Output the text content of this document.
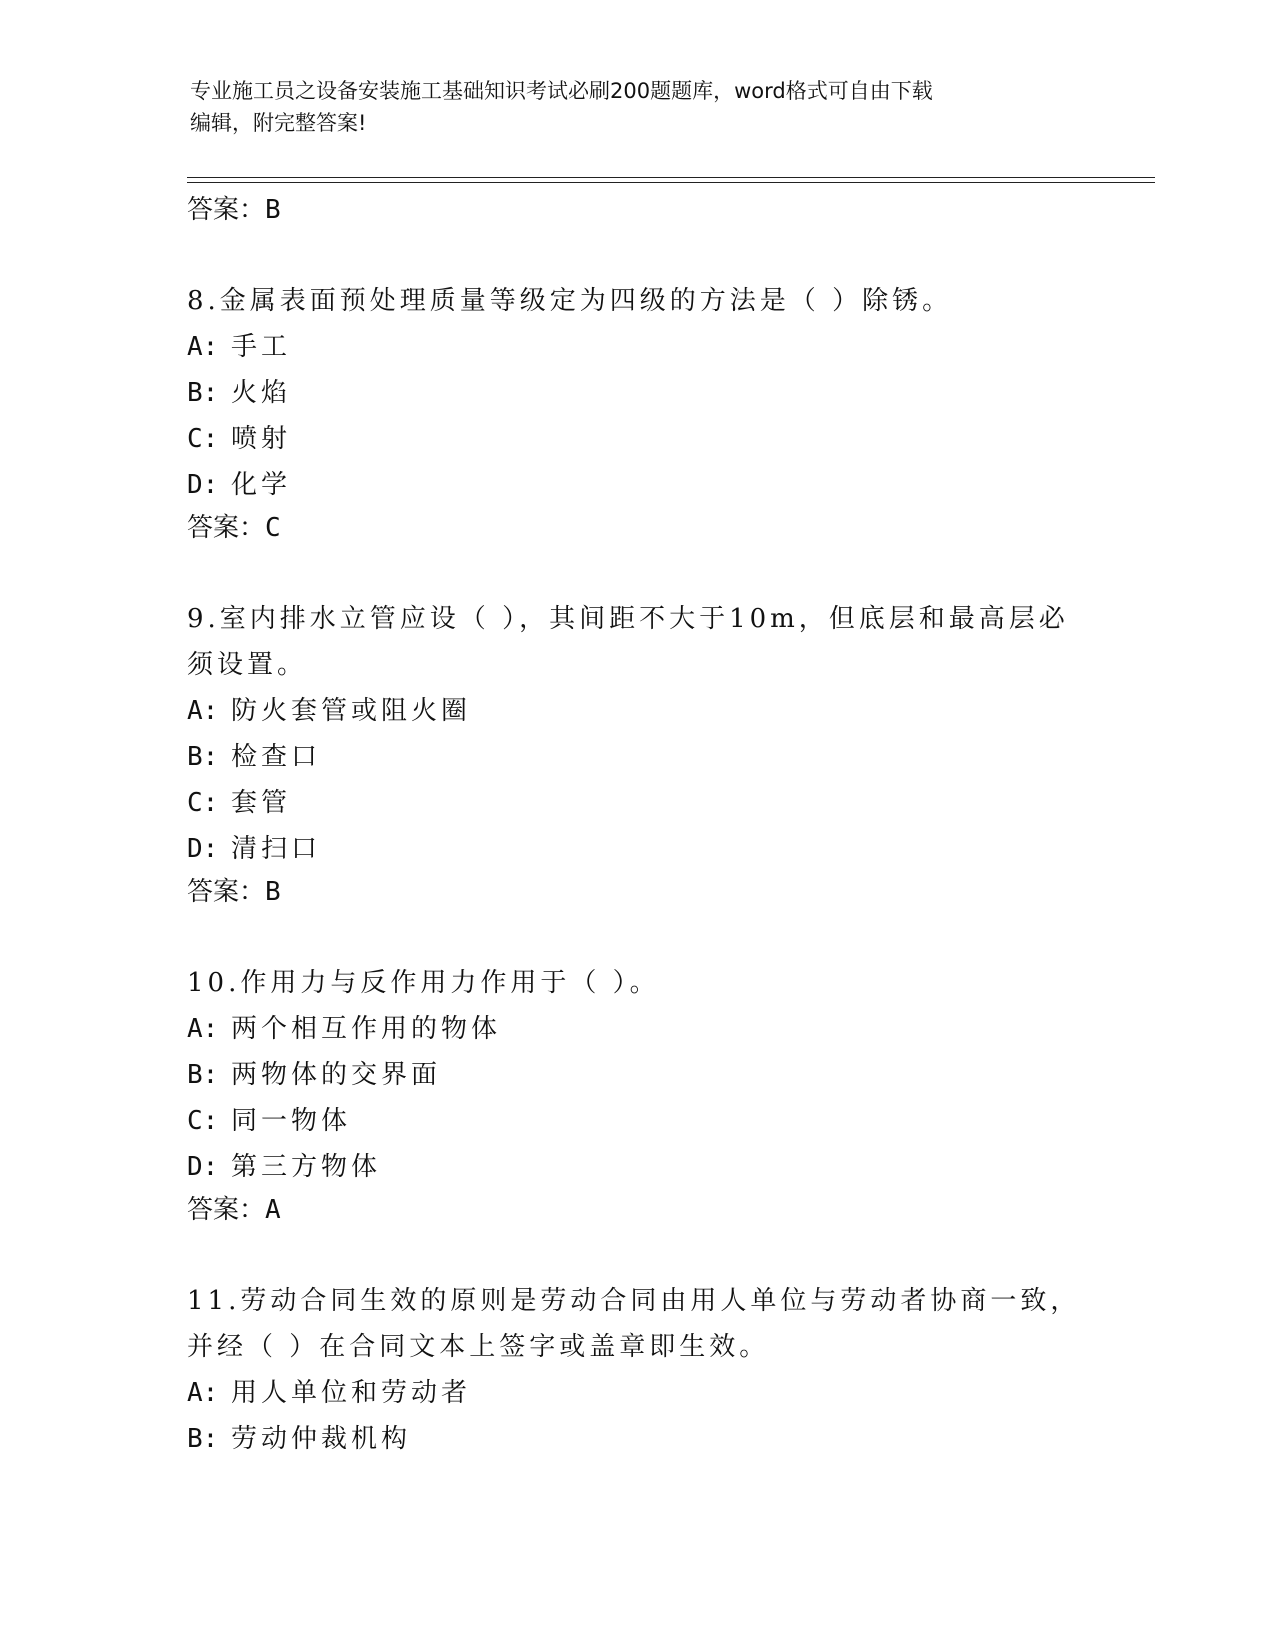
专业施工员之设备安装施工基础知识考试必刷200题题库，word格式可自由下载
编辑，附完整答案!
答案：B
8.金属表面预处理质量等级定为四级的方法是（ ）除锈。
A: 手工
B: 火焰
C: 喷射
D: 化学
答案：C
9.室内排水立管应设（ ），其间距不大于10m，但底层和最高层必须设置。
A: 防火套管或阻火圈
B: 检查口
C: 套管
D: 清扫口
答案：B
10.作用力与反作用力作用于（ ）。
A: 两个相互作用的物体
B: 两物体的交界面
C: 同一物体
D: 第三方物体
答案：A
11.劳动合同生效的原则是劳动合同由用人单位与劳动者协商一致，并经（ ）在合同文本上签字或盖章即生效。
A: 用人单位和劳动者
B: 劳动仲裁机构
